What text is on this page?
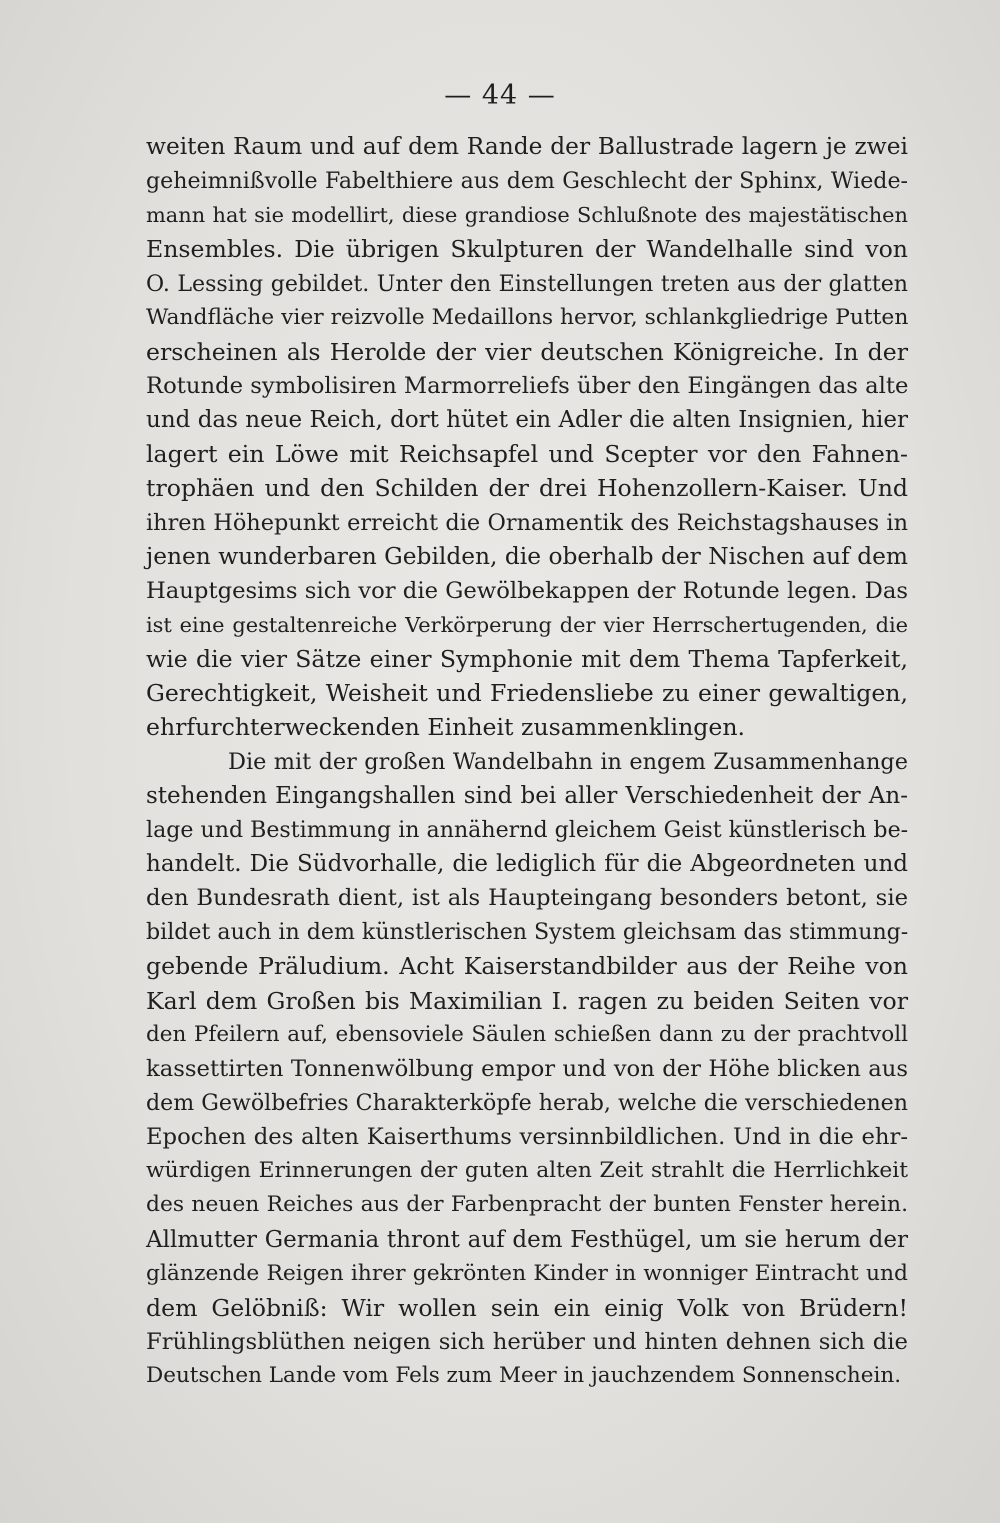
— 44 —
weiten Raum und auf dem Rande der Ballustrade lagern je zwei
geheimnißvolle Fabelthiere aus dem Geschlecht der Sphinx, Wiede-
mann hat sie modellirt, diese grandiose Schlußnote des majestätischen
Ensembles. Die übrigen Skulpturen der Wandelhalle sind von
O. Lessing gebildet. Unter den Einstellungen treten aus der glatten
Wandfläche vier reizvolle Medaillons hervor, schlankgliedrige Putten
erscheinen als Herolde der vier deutschen Königreiche. In der
Rotunde symbolisiren Marmorreliefs über den Eingängen das alte
und das neue Reich, dort hütet ein Adler die alten Insignien, hier
lagert ein Löwe mit Reichsapfel und Scepter vor den Fahnen-
trophäen und den Schilden der drei Hohenzollern-Kaiser. Und
ihren Höhepunkt erreicht die Ornamentik des Reichstagshauses in
jenen wunderbaren Gebilden, die oberhalb der Nischen auf dem
Hauptgesims sich vor die Gewölbekappen der Rotunde legen. Das
ist eine gestaltenreiche Verkörperung der vier Herrschertugenden, die
wie die vier Sätze einer Symphonie mit dem Thema Tapferkeit,
Gerechtigkeit, Weisheit und Friedensliebe zu einer gewaltigen,
ehrfurchterweckenden Einheit zusammenklingen.
Die mit der großen Wandelbahn in engem Zusammenhange
stehenden Eingangshallen sind bei aller Verschiedenheit der An-
lage und Bestimmung in annähernd gleichem Geist künstlerisch be-
handelt. Die Südvorhalle, die lediglich für die Abgeordneten und
den Bundesrath dient, ist als Haupteingang besonders betont, sie
bildet auch in dem künstlerischen System gleichsam das stimmung-
gebende Präludium. Acht Kaiserstandbilder aus der Reihe von
Karl dem Großen bis Maximilian I. ragen zu beiden Seiten vor
den Pfeilern auf, ebensoviele Säulen schießen dann zu der prachtvoll
kassettirten Tonnenwölbung empor und von der Höhe blicken aus
dem Gewölbefries Charakterköpfe herab, welche die verschiedenen
Epochen des alten Kaiserthums versinnbildlichen. Und in die ehr-
würdigen Erinnerungen der guten alten Zeit strahlt die Herrlichkeit
des neuen Reiches aus der Farbenpracht der bunten Fenster herein.
Allmutter Germania thront auf dem Festhügel, um sie herum der
glänzende Reigen ihrer gekrönten Kinder in wonniger Eintracht und
dem Gelöbniß: Wir wollen sein ein einig Volk von Brüdern!
Frühlingsblüthen neigen sich herüber und hinten dehnen sich die
Deutschen Lande vom Fels zum Meer in jauchzendem Sonnenschein.
